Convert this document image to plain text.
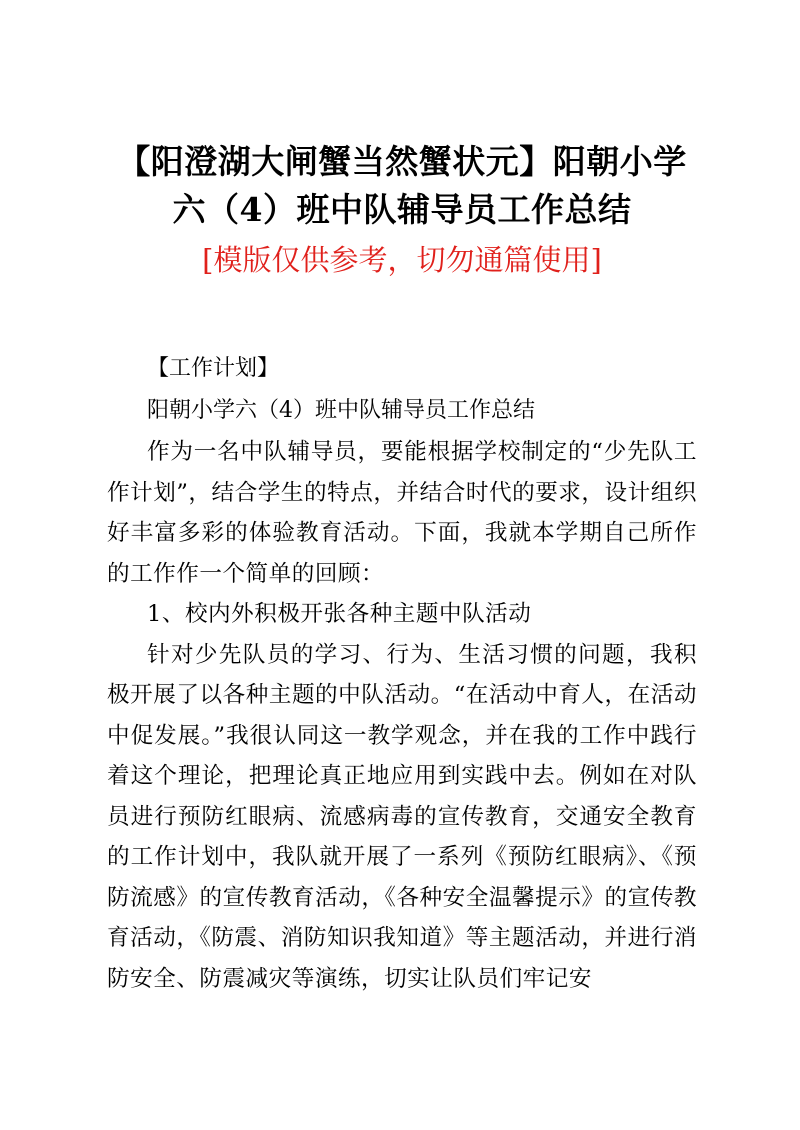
【阳澄湖大闸蟹当然蟹状元】阳朝小学六（4）班中队辅导员工作总结
[模版仅供参考，切勿通篇使用]
【工作计划】
阳朝小学六（4）班中队辅导员工作总结

作为一名中队辅导员，要能根据学校制定的“少先队工作计划”，结合学生的特点，并结合时代的要求，设计组织好丰富多彩的体验教育活动。下面，我就本学期自己所作的工作作一个简单的回顾：

1、校内外积极开张各种主题中队活动

针对少先队员的学习、行为、生活习惯的问题，我积极开展了以各种主题的中队活动。“在活动中育人，在活动中促发展。”我很认同这一教学观念，并在我的工作中践行着这个理论，把理论真正地应用到实践中去。例如在对队员进行预防红眼病、流感病毒的宣传教育，交通安全教育的工作计划中，我队就开展了一系列《预防红眼病》、《预防流感》的宣传教育活动，《各种安全温馨提示》的宣传教育活动，《防震、消防知识我知道》等主题活动，并进行消防安全、防震减灾等演练，切实让队员们牢记安
